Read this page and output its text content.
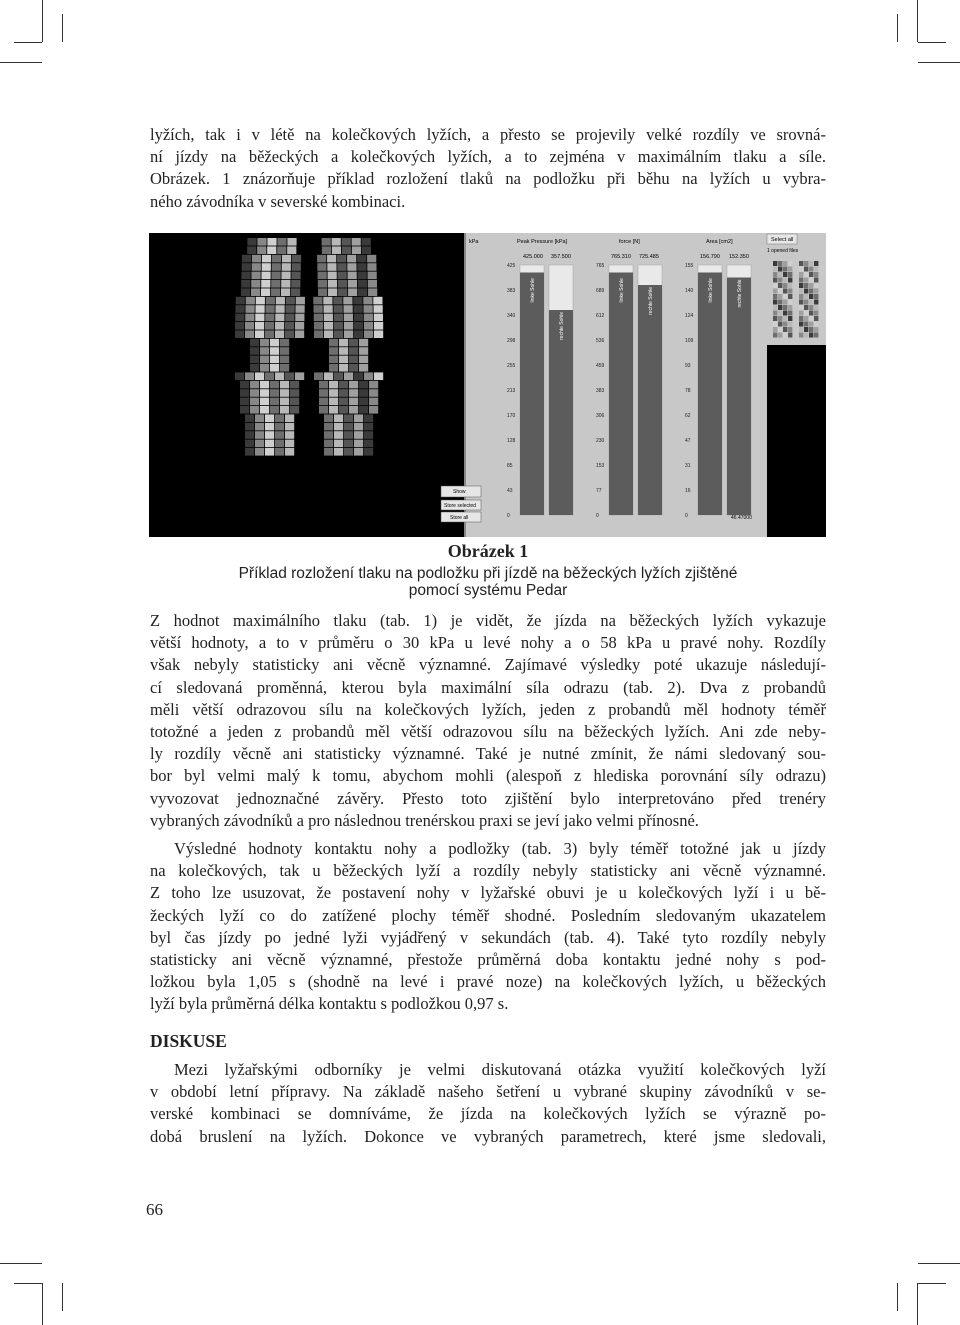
lyžích, tak i v létě na kolečkových lyžích, a přesto se projevily velké rozdíly ve srovná-
ní jízdy na běžeckých a kolečkových lyžích, a to zejména v maximálním tlaku a síle.
Obrázek. 1 znázorňuje příklad rozložení tlaků na podložku při běhu na lyžích u vybra-
ného závodníka v severské kombinaci.
425
383
340
298
255
213
170
128
85
43
0
linke Sohle
rechte Sohle
765
689
612
536
459
383
306
230
153
77
0
linke Sohle	rechte Sohle
155
140
124
109
93
78
62
47
31
16
0
linke Sohle	rechte Sohle
kPa	Peak Pressure [kPa]	force [N]	Area [cm2]
425.000 357.500	765.310 725.485	156.790 152.350
Select all
1 opened files
Show
Store selected
Store all	46.47000
Obrázek 1
Příklad rozložení tlaku na podložku při jízdě na běžeckých lyžích zjištěné
pomocí systému Pedar
Z hodnot maximálního tlaku (tab. 1) je vidět, že jízda na běžeckých lyžích vykazuje
větší hodnoty, a to v průměru o 30 kPa u levé nohy a o 58 kPa u pravé nohy. Rozdíly
však nebyly statisticky ani věcně významné. Zajímavé výsledky poté ukazuje následují-
cí sledovaná proměnná, kterou byla maximální síla odrazu (tab. 2). Dva z probandů
měli větší odrazovou sílu na kolečkových lyžích, jeden z probandů měl hodnoty téměř
totožné a jeden z probandů měl větší odrazovou sílu na běžeckých lyžích. Ani zde neby-
ly rozdíly věcně ani statisticky významné. Také je nutné zmínit, že námi sledovaný sou-
bor byl velmi malý k tomu, abychom mohli (alespoň z hlediska porovnání síly odrazu)
vyvozovat jednoznačné závěry. Přesto toto zjištění bylo interpretováno před trenéry
vybraných závodníků a pro následnou trenérskou praxi se jeví jako velmi přínosné.
Výsledné hodnoty kontaktu nohy a podložky (tab. 3) byly téměř totožné jak u jízdy
na kolečkových, tak u běžeckých lyží a rozdíly nebyly statisticky ani věcně významné.
Z toho lze usuzovat, že postavení nohy v lyžařské obuvi je u kolečkových lyží i u bě-
žeckých lyží co do zatížené plochy téměř shodné. Posledním sledovaným ukazatelem
byl čas jízdy po jedné lyži vyjádřený v sekundách (tab. 4). Také tyto rozdíly nebyly
statisticky ani věcně významné, přestože průměrná doba kontaktu jedné nohy s pod-
ložkou byla 1,05 s (shodně na levé i pravé noze) na kolečkových lyžích, u běžeckých
lyží byla průměrná délka kontaktu s podložkou 0,97 s.
DISKUSE
Mezi lyžařskými odborníky je velmi diskutovaná otázka využití kolečkových lyží
v období letní přípravy. Na základě našeho šetření u vybrané skupiny závodníků v se-
verské kombinaci se domníváme, že jízda na kolečkových lyžích se výrazně po-
dobá bruslení na lyžích. Dokonce ve vybraných parametrech, které jsme sledovali,
66
